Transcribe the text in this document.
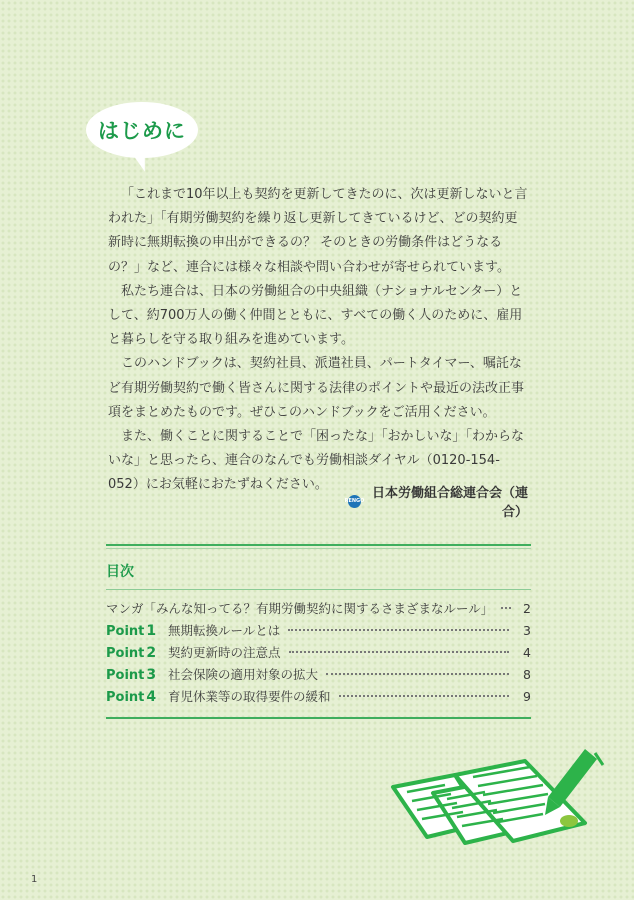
はじめに

「これまで10年以上も契約を更新してきたのに、次は更新しないと言われた」「有期労働契約を繰り返し更新してきているけど、どの契約更新時に無期転換の申出ができるの？ そのときの労働条件はどうなるの？」など、連合には様々な相談や問い合わせが寄せられています。

私たち連合は、日本の労働組合の中央組織（ナショナルセンター）として、約700万人の働く仲間とともに、すべての働く人のために、雇用と暮らしを守る取り組みを進めています。

このハンドブックは、契約社員、派遣社員、パートタイマー、嘱託など有期労働契約で働く皆さんに関する法律のポイントや最近の法改正事項をまとめたものです。ぜひこのハンドブックをご活用ください。

また、働くことに関することで「困ったな」「おかしいな」「わからないな」と思ったら、連合のなんでも労働相談ダイヤル（0120-154-052）にお気軽におたずねください。

RENGO 日本労働組合総連合会（連合）
目次
マンガ「みんな知ってる？有期労働契約に関するさまざまなルール」	2
Point 1 無期転換ルールとは	3
Point 2 契約更新時の注意点	4
Point 3 社会保険の適用対象の拡大	8
Point 4 育児休業等の取得要件の緩和	9
1
